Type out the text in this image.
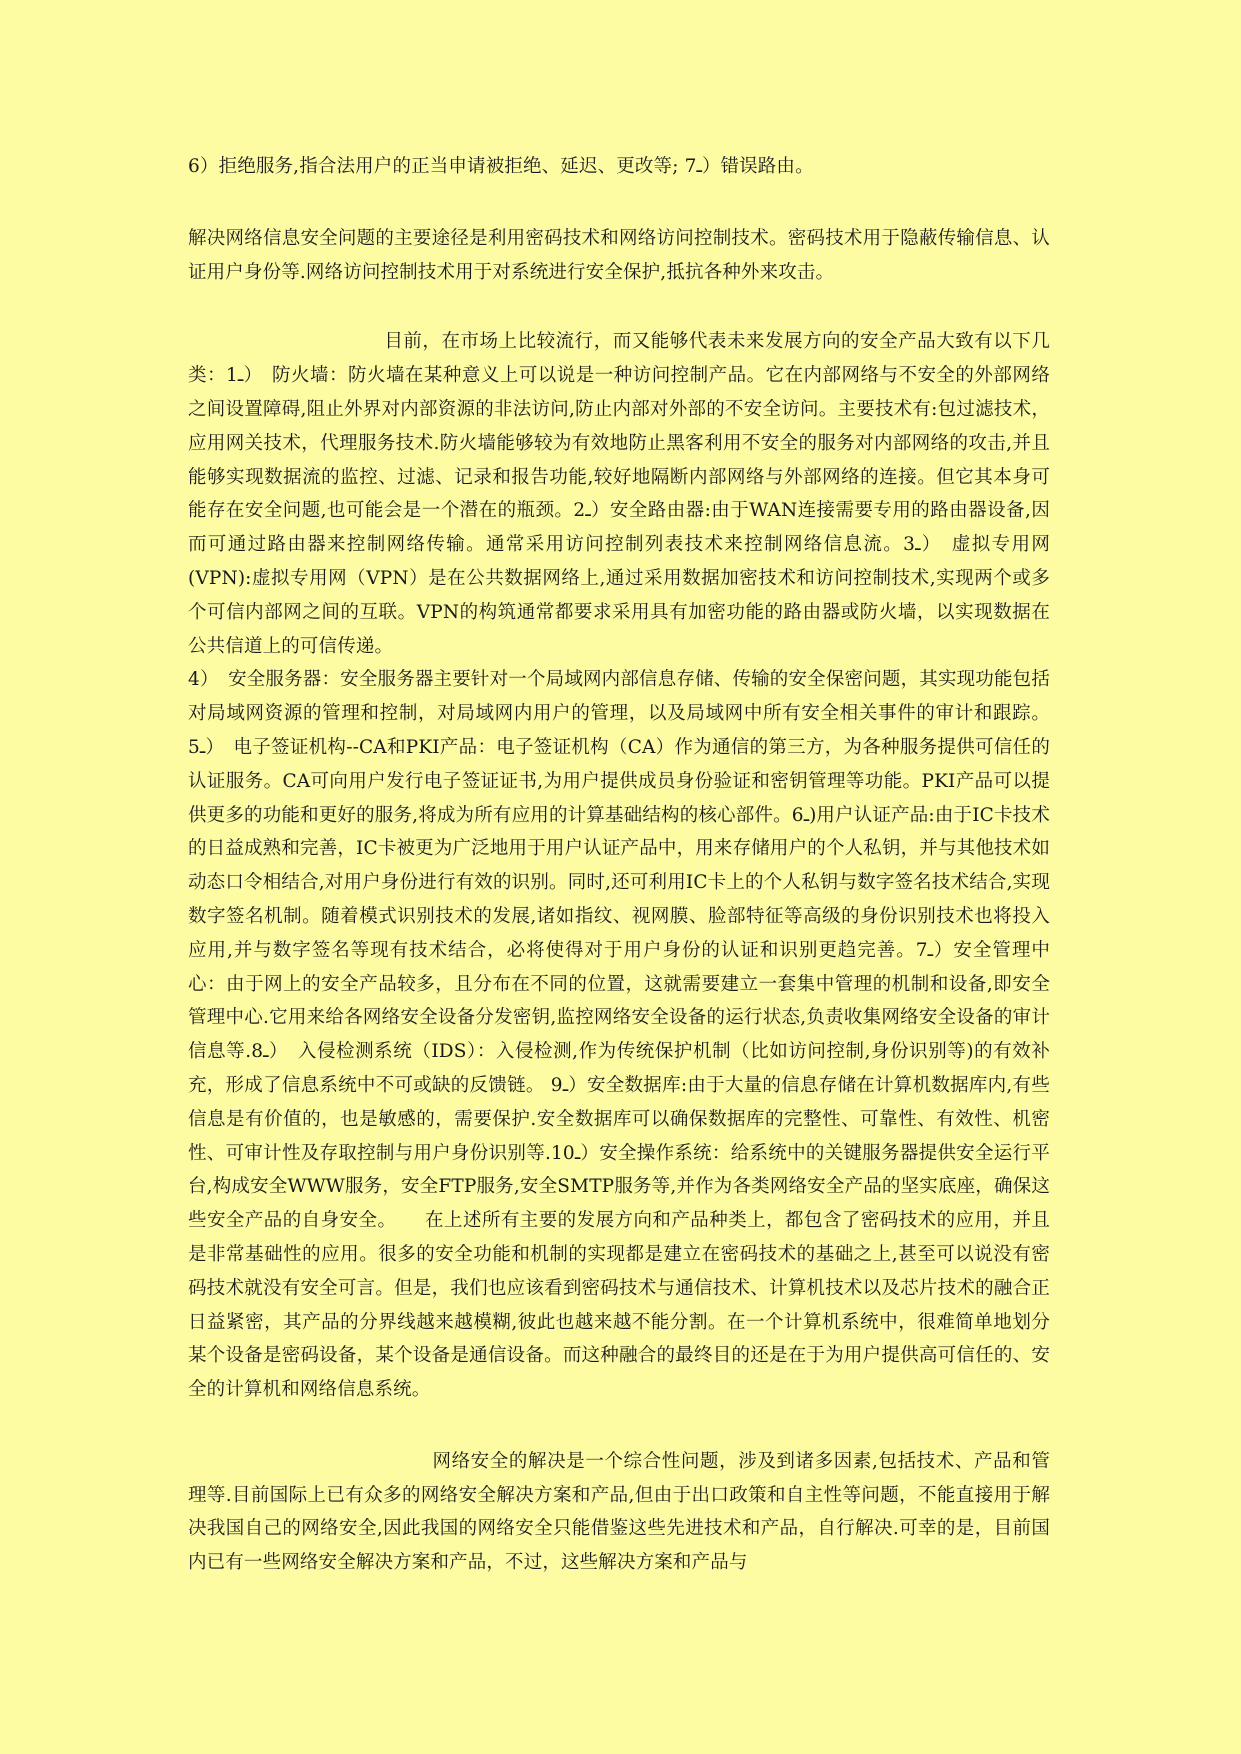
6）拒绝服务,指合法用户的正当申请被拒绝、延迟、更改等; 7ـ）错误路由。

解决网络信息安全问题的主要途径是利用密码技术和网络访问控制技术。密码技术用于隐蔽传输信息、认证用户身份等.网络访问控制技术用于对系统进行安全保护,抵抗各种外来攻击。

目前，在市场上比较流行，而又能够代表未来发展方向的安全产品大致有以下几类：1ـ）　防火墙：防火墙在某种意义上可以说是一种访问控制产品。它在内部网络与不安全的外部网络之间设置障碍,阻止外界对内部资源的非法访问,防止内部对外部的不安全访问。主要技术有:包过滤技术，应用网关技术，代理服务技术.防火墙能够较为有效地防止黑客利用不安全的服务对内部网络的攻击,并且能够实现数据流的监控、过滤、记录和报告功能,较好地隔断内部网络与外部网络的连接。但它其本身可能存在安全问题,也可能会是一个潜在的瓶颈。2ـ）安全路由器:由于WAN连接需要专用的路由器设备,因而可通过路由器来控制网络传输。通常采用访问控制列表技术来控制网络信息流。3ـ）　虚拟专用网(VPN):虚拟专用网（VPN）是在公共数据网络上,通过采用数据加密技术和访问控制技术,实现两个或多个可信内部网之间的互联。VPN的构筑通常都要求采用具有加密功能的路由器或防火墙，以实现数据在公共信道上的可信传递。

4）　安全服务器：安全服务器主要针对一个局域网内部信息存储、传输的安全保密问题，其实现功能包括对局域网资源的管理和控制，对局域网内用户的管理，以及局域网中所有安全相关事件的审计和跟踪。 5ـ）　电子签证机构--CA和PKI产品：电子签证机构（CA）作为通信的第三方，为各种服务提供可信任的认证服务。CA可向用户发行电子签证证书,为用户提供成员身份验证和密钥管理等功能。PKI产品可以提供更多的功能和更好的服务,将成为所有应用的计算基础结构的核心部件。6ـ)用户认证产品:由于IC卡技术的日益成熟和完善，IC卡被更为广泛地用于用户认证产品中，用来存储用户的个人私钥，并与其他技术如动态口令相结合,对用户身份进行有效的识别。同时,还可利用IC卡上的个人私钥与数字签名技术结合,实现数字签名机制。随着模式识别技术的发展,诸如指纹、视网膜、脸部特征等高级的身份识别技术也将投入应用,并与数字签名等现有技术结合，必将使得对于用户身份的认证和识别更趋完善。7ـ）安全管理中心：由于网上的安全产品较多，且分布在不同的位置，这就需要建立一套集中管理的机制和设备,即安全管理中心.它用来给各网络安全设备分发密钥,监控网络安全设备的运行状态,负责收集网络安全设备的审计信息等.8ـ）　入侵检测系统（IDS）：入侵检测,作为传统保护机制（比如访问控制,身份识别等)的有效补充，形成了信息系统中不可或缺的反馈链。 9ـ）安全数据库:由于大量的信息存储在计算机数据库内,有些信息是有价值的，也是敏感的，需要保护.安全数据库可以确保数据库的完整性、可靠性、有效性、机密性、可审计性及存取控制与用户身份识别等.10ـ）安全操作系统：给系统中的关键服务器提供安全运行平台,构成安全WWW服务，安全FTP服务,安全SMTP服务等,并作为各类网络安全产品的坚实底座，确保这些安全产品的自身安全。　　在上述所有主要的发展方向和产品种类上，都包含了密码技术的应用，并且是非常基础性的应用。很多的安全功能和机制的实现都是建立在密码技术的基础之上,甚至可以说没有密码技术就没有安全可言。但是，我们也应该看到密码技术与通信技术、计算机技术以及芯片技术的融合正日益紧密，其产品的分界线越来越模糊,彼此也越来越不能分割。在一个计算机系统中，很难简单地划分某个设备是密码设备，某个设备是通信设备。而这种融合的最终目的还是在于为用户提供高可信任的、安全的计算机和网络信息系统。

网络安全的解决是一个综合性问题，涉及到诸多因素,包括技术、产品和管理等.目前国际上已有众多的网络安全解决方案和产品,但由于出口政策和自主性等问题，不能直接用于解决我国自己的网络安全,因此我国的网络安全只能借鉴这些先进技术和产品，自行解决.可幸的是，目前国内已有一些网络安全解决方案和产品，不过，这些解决方案和产品与
